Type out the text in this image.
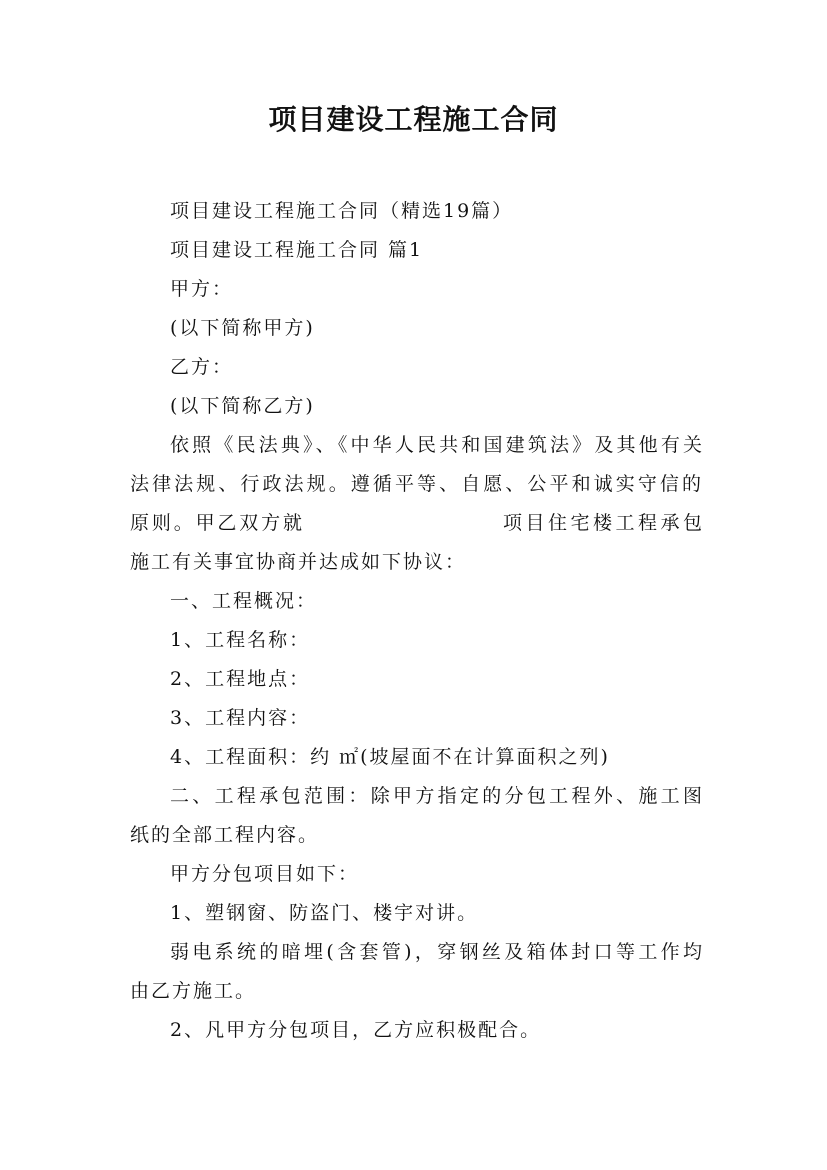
项目建设工程施工合同
项目建设工程施工合同（精选19篇）
项目建设工程施工合同 篇1
甲方：
(以下简称甲方)
乙方：
(以下简称乙方)
依照《民法典》、《中华人民共和国建筑法》及其他有关
法律法规、行政法规。遵循平等、自愿、公平和诚实守信的
原则。甲乙双方就	项目住宅楼工程承包
施工有关事宜协商并达成如下协议：
一、工程概况：
1、工程名称：
2、工程地点：
3、工程内容：
4、工程面积：约 ㎡(坡屋面不在计算面积之列)
二、工程承包范围：除甲方指定的分包工程外、施工图
纸的全部工程内容。
甲方分包项目如下：
1、塑钢窗、防盗门、楼宇对讲。
弱电系统的暗埋(含套管)，穿钢丝及箱体封口等工作均
由乙方施工。
2、凡甲方分包项目，乙方应积极配合。
